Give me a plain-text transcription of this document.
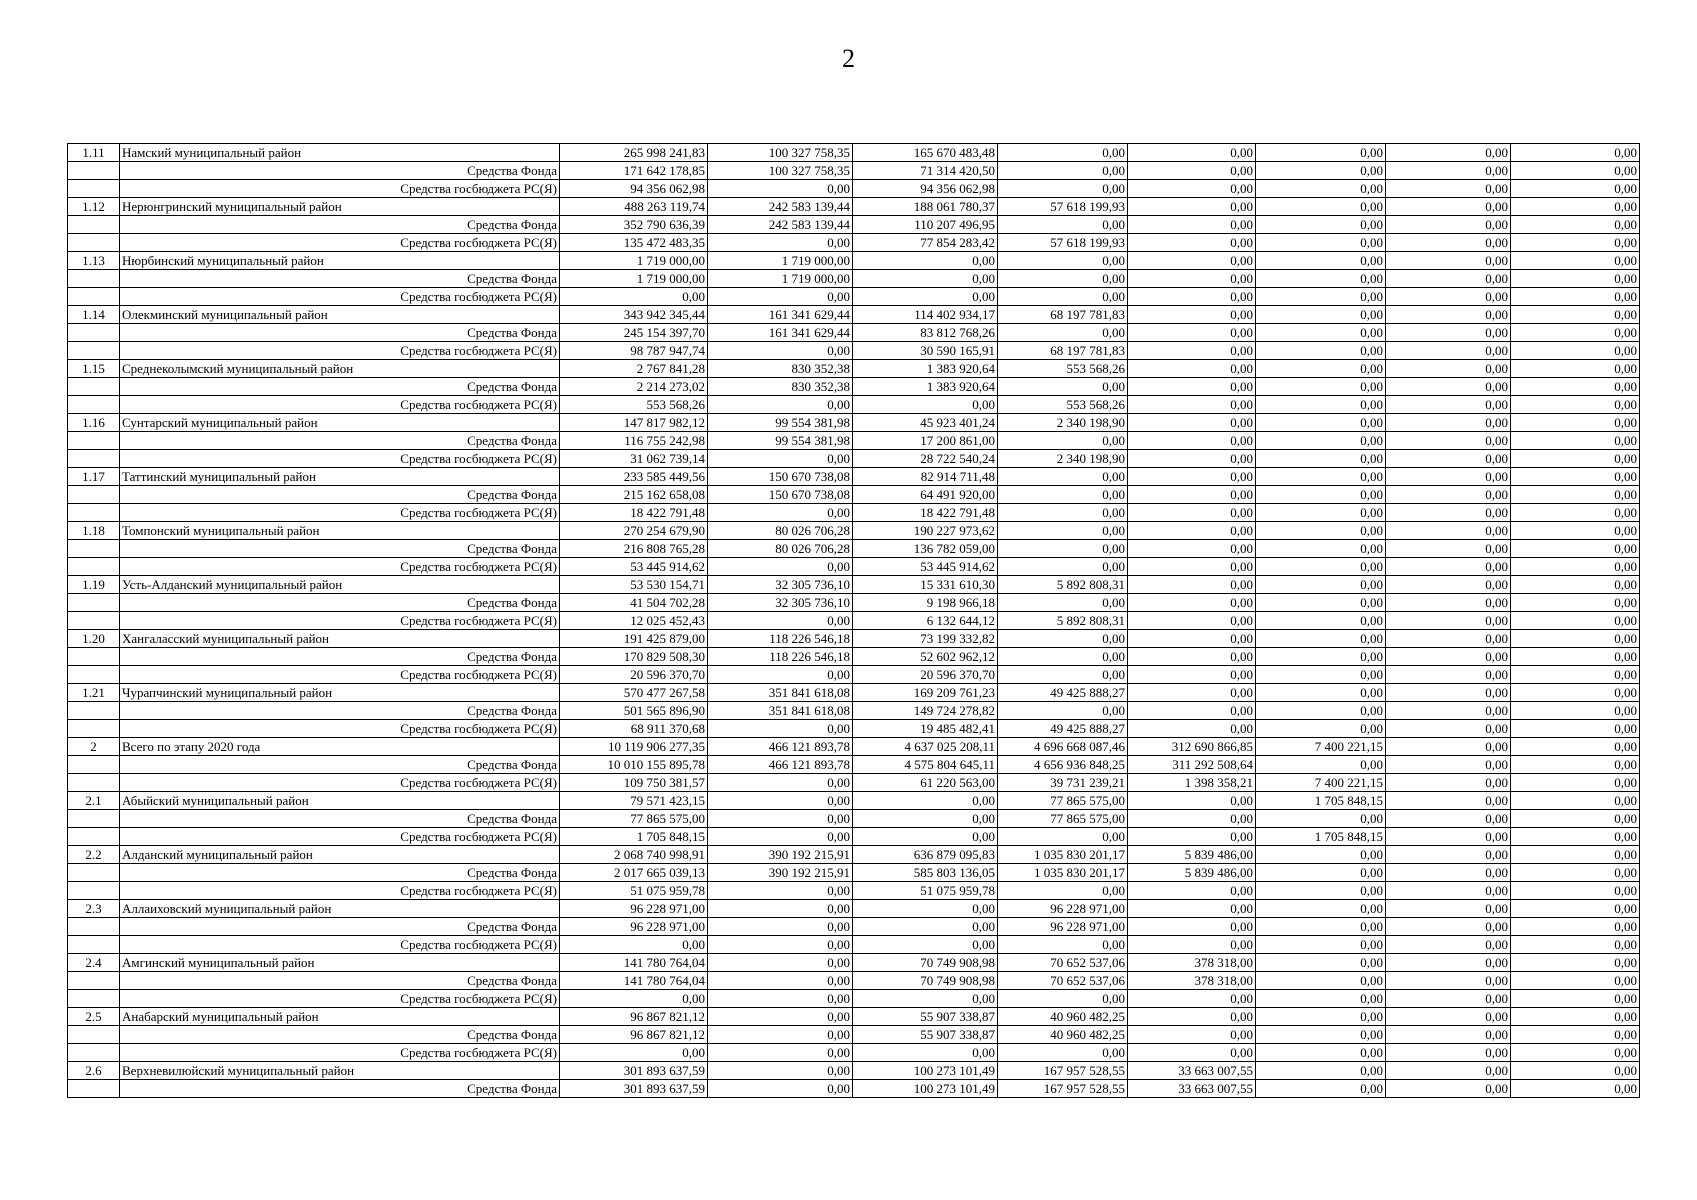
2
1.11	Намский муниципальный район	265 998 241,83	100 327 758,35	165 670 483,48	0,00	0,00	0,00	0,00	0,00
	Средства Фонда	171 642 178,85	100 327 758,35	71 314 420,50	0,00	0,00	0,00	0,00	0,00
	Средства госбюджета РС(Я)	94 356 062,98	0,00	94 356 062,98	0,00	0,00	0,00	0,00	0,00
1.12	Нерюнгринский муниципальный район	488 263 119,74	242 583 139,44	188 061 780,37	57 618 199,93	0,00	0,00	0,00	0,00
	Средства Фонда	352 790 636,39	242 583 139,44	110 207 496,95	0,00	0,00	0,00	0,00	0,00
	Средства госбюджета РС(Я)	135 472 483,35	0,00	77 854 283,42	57 618 199,93	0,00	0,00	0,00	0,00
1.13	Нюрбинский муниципальный район	1 719 000,00	1 719 000,00	0,00	0,00	0,00	0,00	0,00	0,00
	Средства Фонда	1 719 000,00	1 719 000,00	0,00	0,00	0,00	0,00	0,00	0,00
	Средства госбюджета РС(Я)	0,00	0,00	0,00	0,00	0,00	0,00	0,00	0,00
1.14	Олекминский муниципальный район	343 942 345,44	161 341 629,44	114 402 934,17	68 197 781,83	0,00	0,00	0,00	0,00
	Средства Фонда	245 154 397,70	161 341 629,44	83 812 768,26	0,00	0,00	0,00	0,00	0,00
	Средства госбюджета РС(Я)	98 787 947,74	0,00	30 590 165,91	68 197 781,83	0,00	0,00	0,00	0,00
1.15	Среднеколымский муниципальный район	2 767 841,28	830 352,38	1 383 920,64	553 568,26	0,00	0,00	0,00	0,00
	Средства Фонда	2 214 273,02	830 352,38	1 383 920,64	0,00	0,00	0,00	0,00	0,00
	Средства госбюджета РС(Я)	553 568,26	0,00	0,00	553 568,26	0,00	0,00	0,00	0,00
1.16	Сунтарский муниципальный район	147 817 982,12	99 554 381,98	45 923 401,24	2 340 198,90	0,00	0,00	0,00	0,00
	Средства Фонда	116 755 242,98	99 554 381,98	17 200 861,00	0,00	0,00	0,00	0,00	0,00
	Средства госбюджета РС(Я)	31 062 739,14	0,00	28 722 540,24	2 340 198,90	0,00	0,00	0,00	0,00
1.17	Таттинский муниципальный район	233 585 449,56	150 670 738,08	82 914 711,48	0,00	0,00	0,00	0,00	0,00
	Средства Фонда	215 162 658,08	150 670 738,08	64 491 920,00	0,00	0,00	0,00	0,00	0,00
	Средства госбюджета РС(Я)	18 422 791,48	0,00	18 422 791,48	0,00	0,00	0,00	0,00	0,00
1.18	Томпонский муниципальный район	270 254 679,90	80 026 706,28	190 227 973,62	0,00	0,00	0,00	0,00	0,00
	Средства Фонда	216 808 765,28	80 026 706,28	136 782 059,00	0,00	0,00	0,00	0,00	0,00
	Средства госбюджета РС(Я)	53 445 914,62	0,00	53 445 914,62	0,00	0,00	0,00	0,00	0,00
1.19	Усть-Алданский муниципальный район	53 530 154,71	32 305 736,10	15 331 610,30	5 892 808,31	0,00	0,00	0,00	0,00
	Средства Фонда	41 504 702,28	32 305 736,10	9 198 966,18	0,00	0,00	0,00	0,00	0,00
	Средства госбюджета РС(Я)	12 025 452,43	0,00	6 132 644,12	5 892 808,31	0,00	0,00	0,00	0,00
1.20	Хангаласский муниципальный район	191 425 879,00	118 226 546,18	73 199 332,82	0,00	0,00	0,00	0,00	0,00
	Средства Фонда	170 829 508,30	118 226 546,18	52 602 962,12	0,00	0,00	0,00	0,00	0,00
	Средства госбюджета РС(Я)	20 596 370,70	0,00	20 596 370,70	0,00	0,00	0,00	0,00	0,00
1.21	Чурапчинский муниципальный район	570 477 267,58	351 841 618,08	169 209 761,23	49 425 888,27	0,00	0,00	0,00	0,00
	Средства Фонда	501 565 896,90	351 841 618,08	149 724 278,82	0,00	0,00	0,00	0,00	0,00
	Средства госбюджета РС(Я)	68 911 370,68	0,00	19 485 482,41	49 425 888,27	0,00	0,00	0,00	0,00
2	Всего по этапу 2020 года	10 119 906 277,35	466 121 893,78	4 637 025 208,11	4 696 668 087,46	312 690 866,85	7 400 221,15	0,00	0,00
	Средства Фонда	10 010 155 895,78	466 121 893,78	4 575 804 645,11	4 656 936 848,25	311 292 508,64	0,00	0,00	0,00
	Средства госбюджета РС(Я)	109 750 381,57	0,00	61 220 563,00	39 731 239,21	1 398 358,21	7 400 221,15	0,00	0,00
2.1	Абыйский муниципальный район	79 571 423,15	0,00	0,00	77 865 575,00	0,00	1 705 848,15	0,00	0,00
	Средства Фонда	77 865 575,00	0,00	0,00	77 865 575,00	0,00	0,00	0,00	0,00
	Средства госбюджета РС(Я)	1 705 848,15	0,00	0,00	0,00	0,00	1 705 848,15	0,00	0,00
2.2	Алданский муниципальный район	2 068 740 998,91	390 192 215,91	636 879 095,83	1 035 830 201,17	5 839 486,00	0,00	0,00	0,00
	Средства Фонда	2 017 665 039,13	390 192 215,91	585 803 136,05	1 035 830 201,17	5 839 486,00	0,00	0,00	0,00
	Средства госбюджета РС(Я)	51 075 959,78	0,00	51 075 959,78	0,00	0,00	0,00	0,00	0,00
2.3	Аллаиховский муниципальный район	96 228 971,00	0,00	0,00	96 228 971,00	0,00	0,00	0,00	0,00
	Средства Фонда	96 228 971,00	0,00	0,00	96 228 971,00	0,00	0,00	0,00	0,00
	Средства госбюджета РС(Я)	0,00	0,00	0,00	0,00	0,00	0,00	0,00	0,00
2.4	Амгинский муниципальный район	141 780 764,04	0,00	70 749 908,98	70 652 537,06	378 318,00	0,00	0,00	0,00
	Средства Фонда	141 780 764,04	0,00	70 749 908,98	70 652 537,06	378 318,00	0,00	0,00	0,00
	Средства госбюджета РС(Я)	0,00	0,00	0,00	0,00	0,00	0,00	0,00	0,00
2.5	Анабарский муниципальный район	96 867 821,12	0,00	55 907 338,87	40 960 482,25	0,00	0,00	0,00	0,00
	Средства Фонда	96 867 821,12	0,00	55 907 338,87	40 960 482,25	0,00	0,00	0,00	0,00
	Средства госбюджета РС(Я)	0,00	0,00	0,00	0,00	0,00	0,00	0,00	0,00
2.6	Верхневилюйский муниципальный район	301 893 637,59	0,00	100 273 101,49	167 957 528,55	33 663 007,55	0,00	0,00	0,00
	Средства Фонда	301 893 637,59	0,00	100 273 101,49	167 957 528,55	33 663 007,55	0,00	0,00	0,00
